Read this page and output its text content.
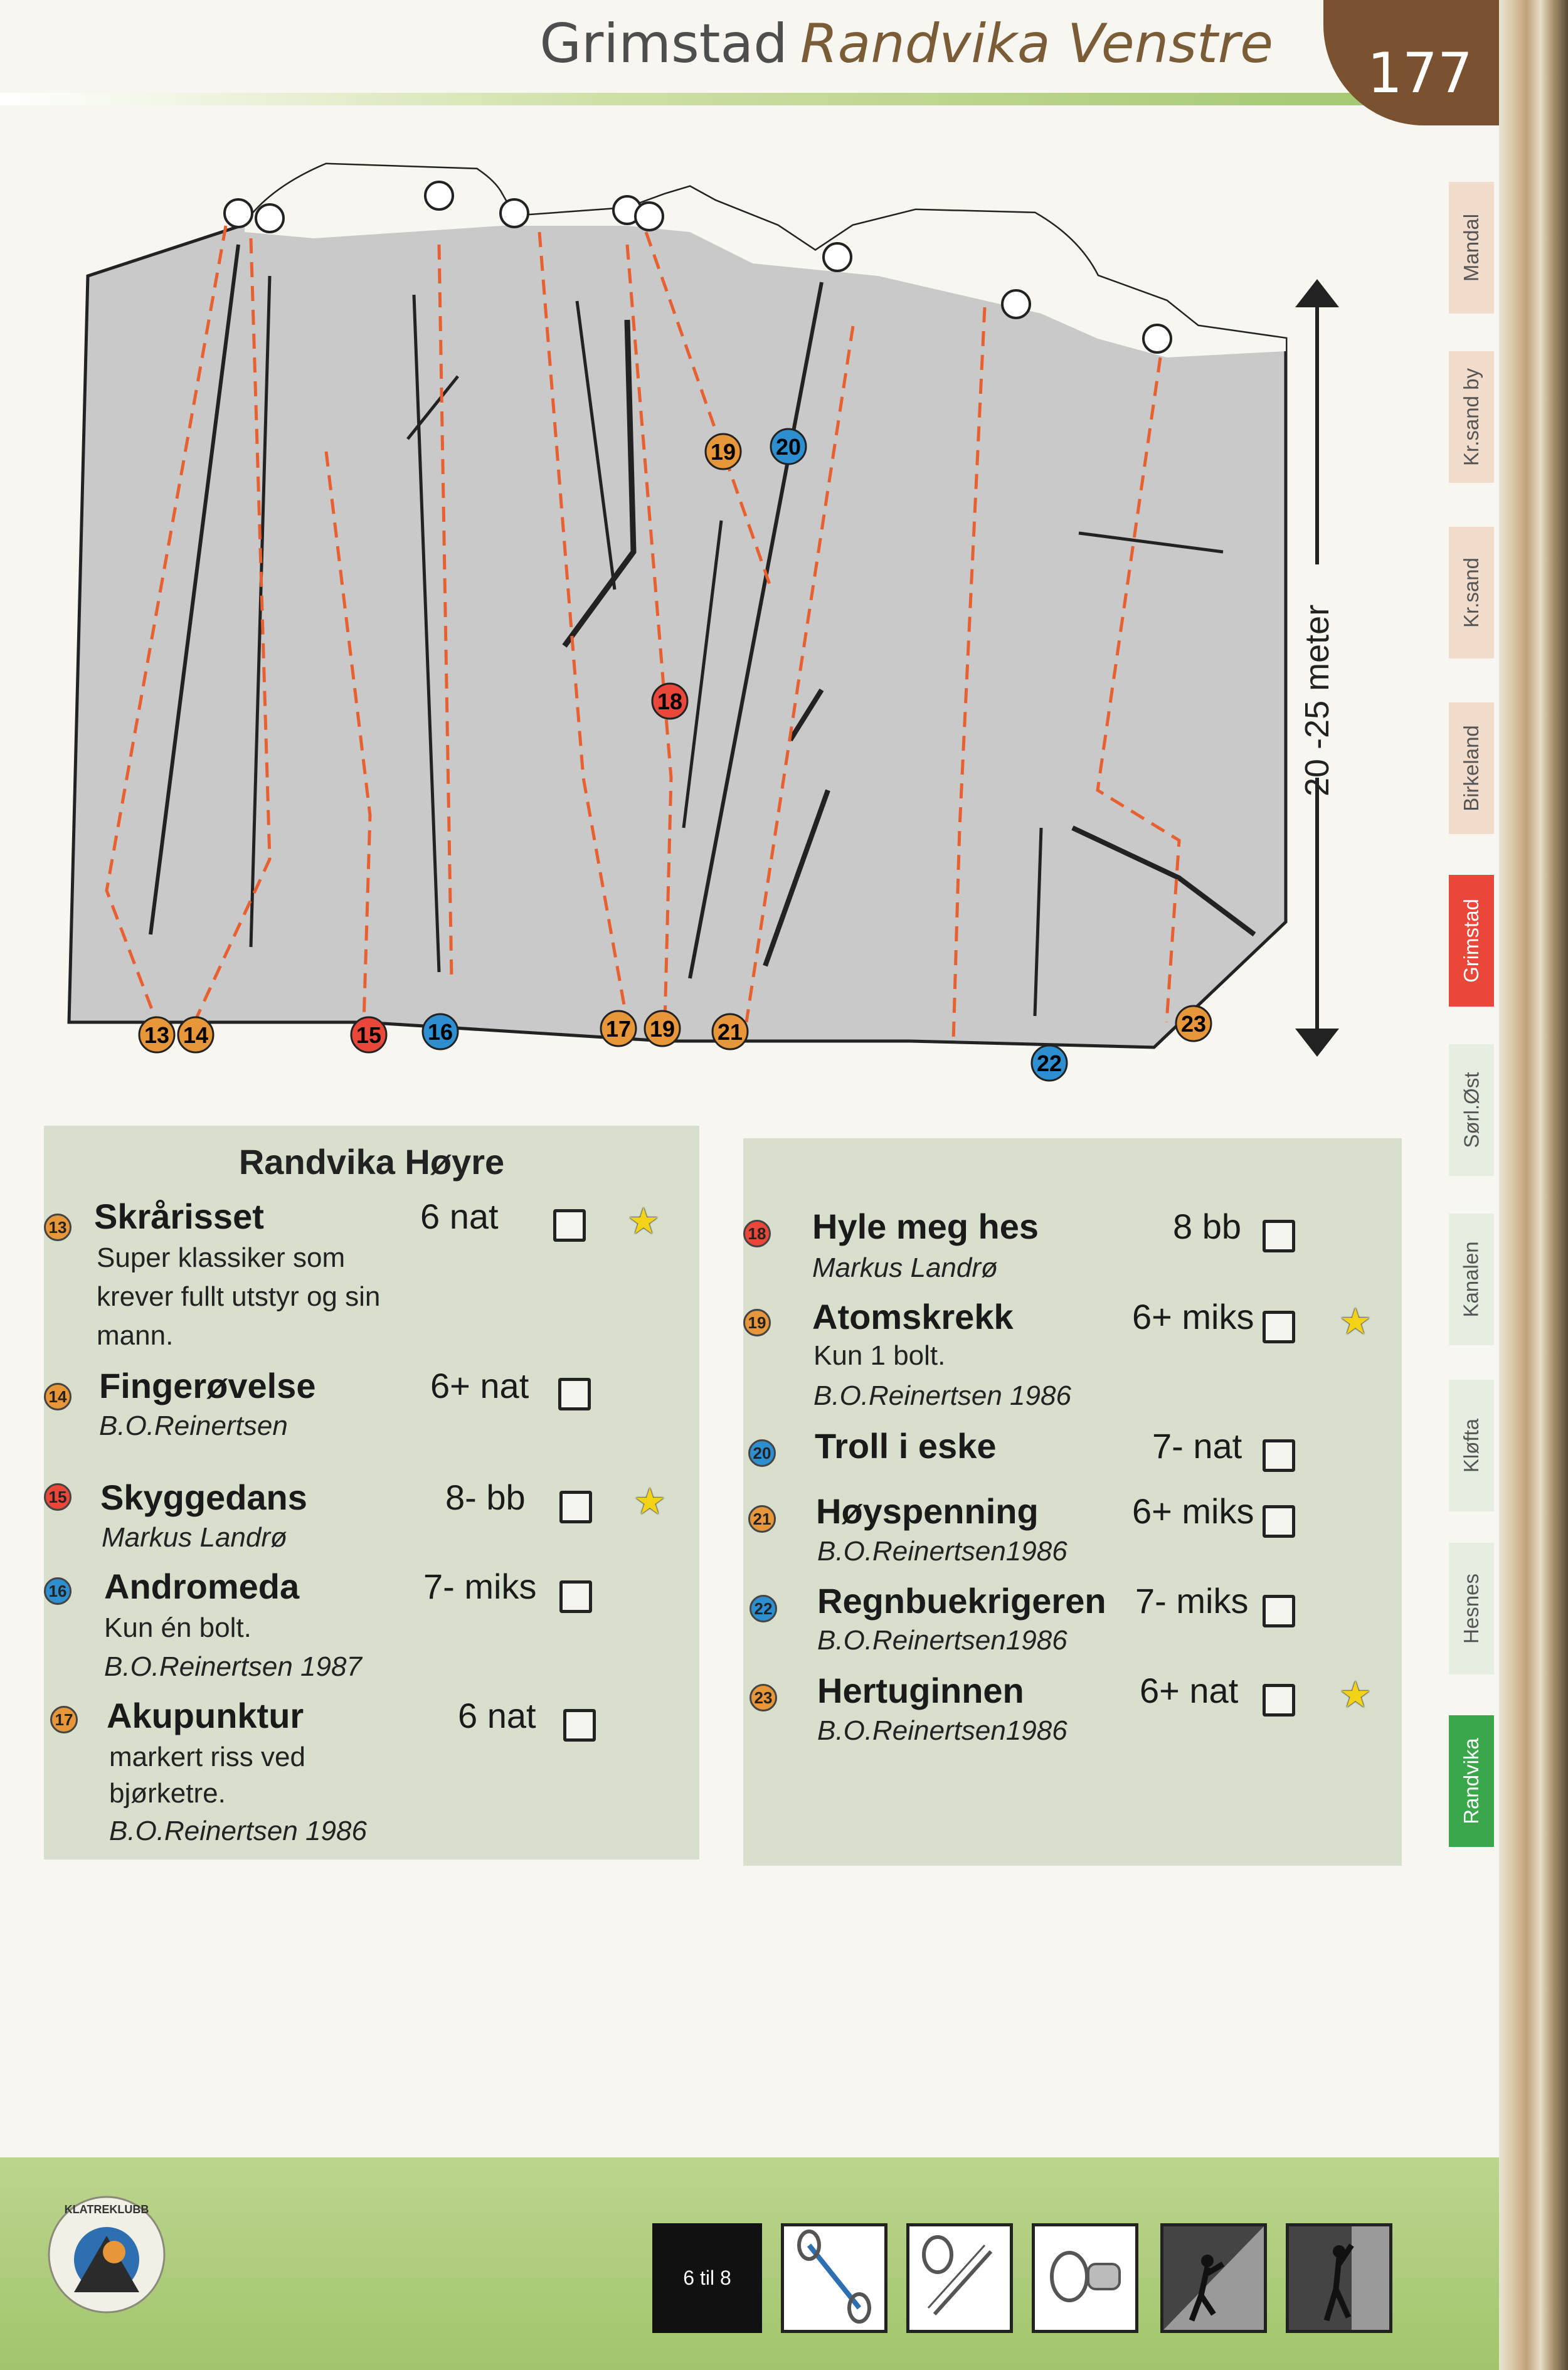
Grimstad Randvika Venstre 177
Mandal
Kr.sand by
Kr.sand
Birkeland
Grimstad
Sørl.Øst
Kanalen
Kløfta
Hesnes
Randvika
20 -25 meter
13 14	15 16	17 19 21
22
23
19 20
18
Randvika Høyre
13 Skrårisset	6 nat	★
Super klassiker som
krever fullt utstyr og sin
mann.
14 Fingerøvelse	6+ nat
B.O.Reinertsen
15 Skyggedans	8- bb	★
Markus Landrø
16 Andromeda	7- miks
Kun én bolt.
B.O.Reinertsen 1987
17 Akupunktur	6 nat
markert riss ved
bjørketre.
B.O.Reinertsen 1986
18 Hyle meg hes	8 bb
Markus Landrø
19 Atomskrekk	6+ miks ★
Kun 1 bolt.
B.O.Reinertsen 1986
20 Troll i eske	7- nat
21 Høyspenning	6+ miks
B.O.Reinertsen1986
22 Regnbuekrigeren 7- miks
B.O.Reinertsen1986
23 Hertuginnen	6+ nat	★
B.O.Reinertsen1986
KLATREKLUBB
6 til 8
